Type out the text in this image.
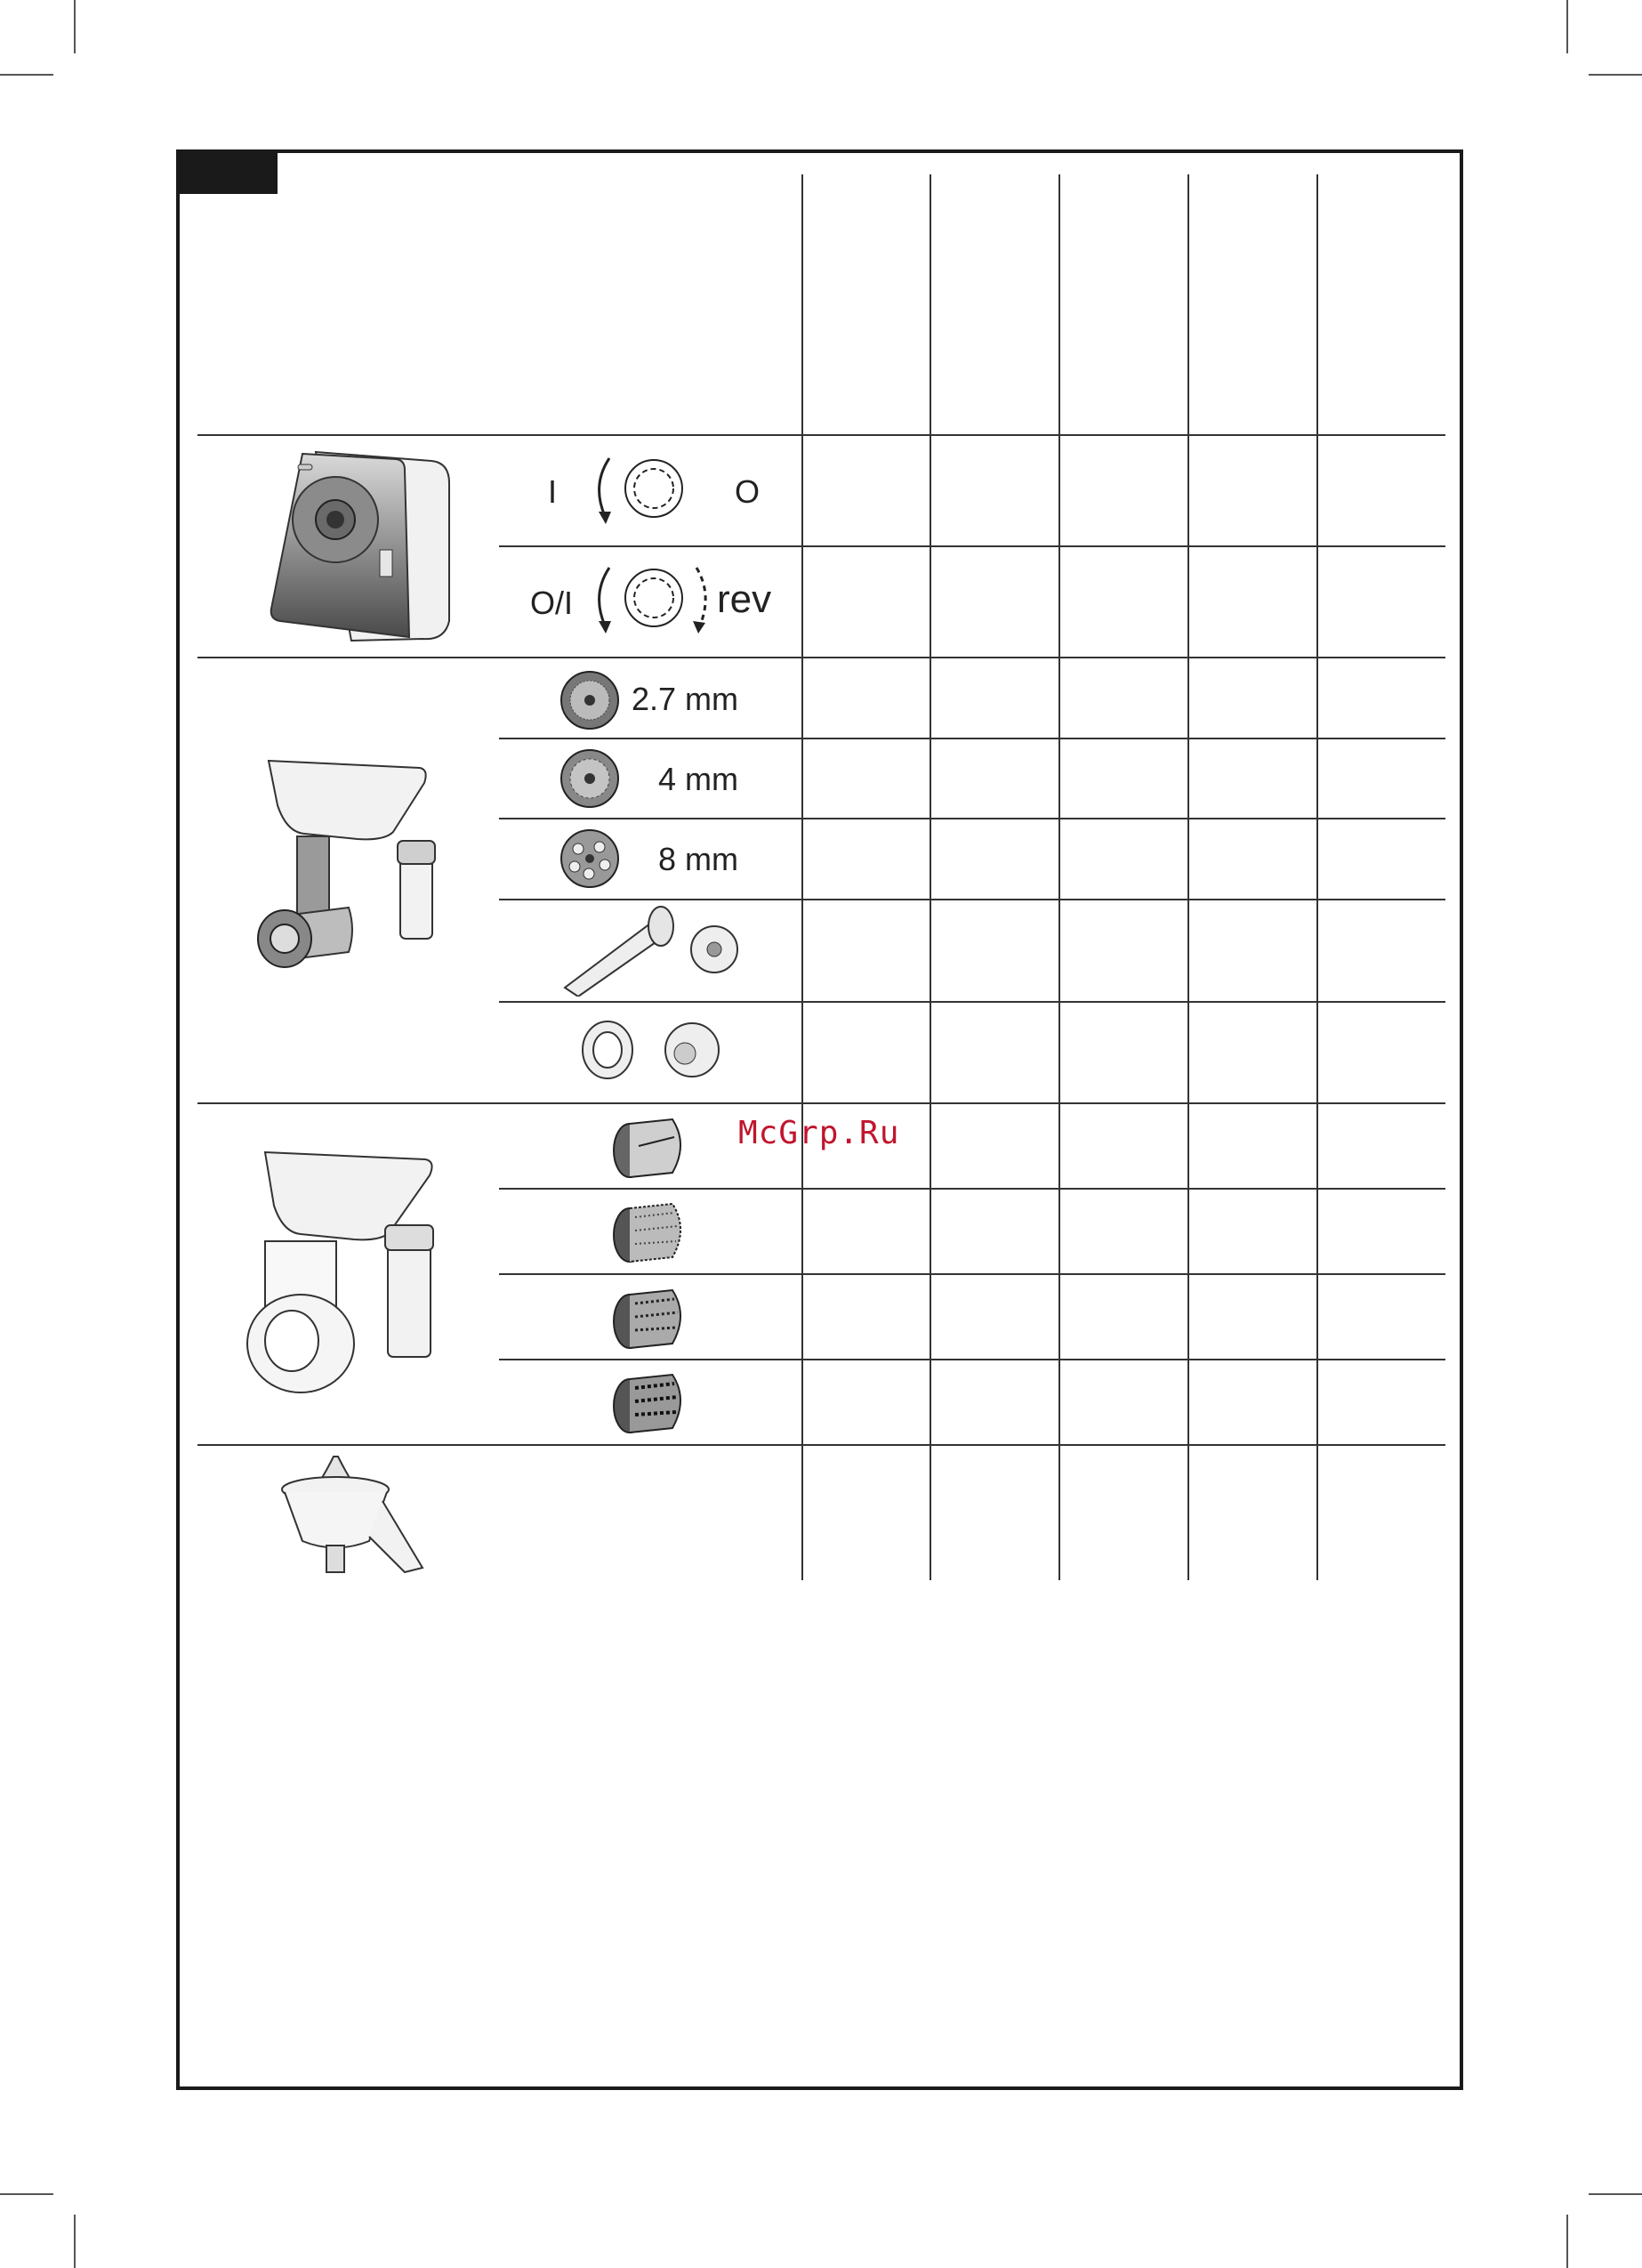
I	O
O/I	rev
2.7 mm
4 mm
8 mm
McGrp.Ru
